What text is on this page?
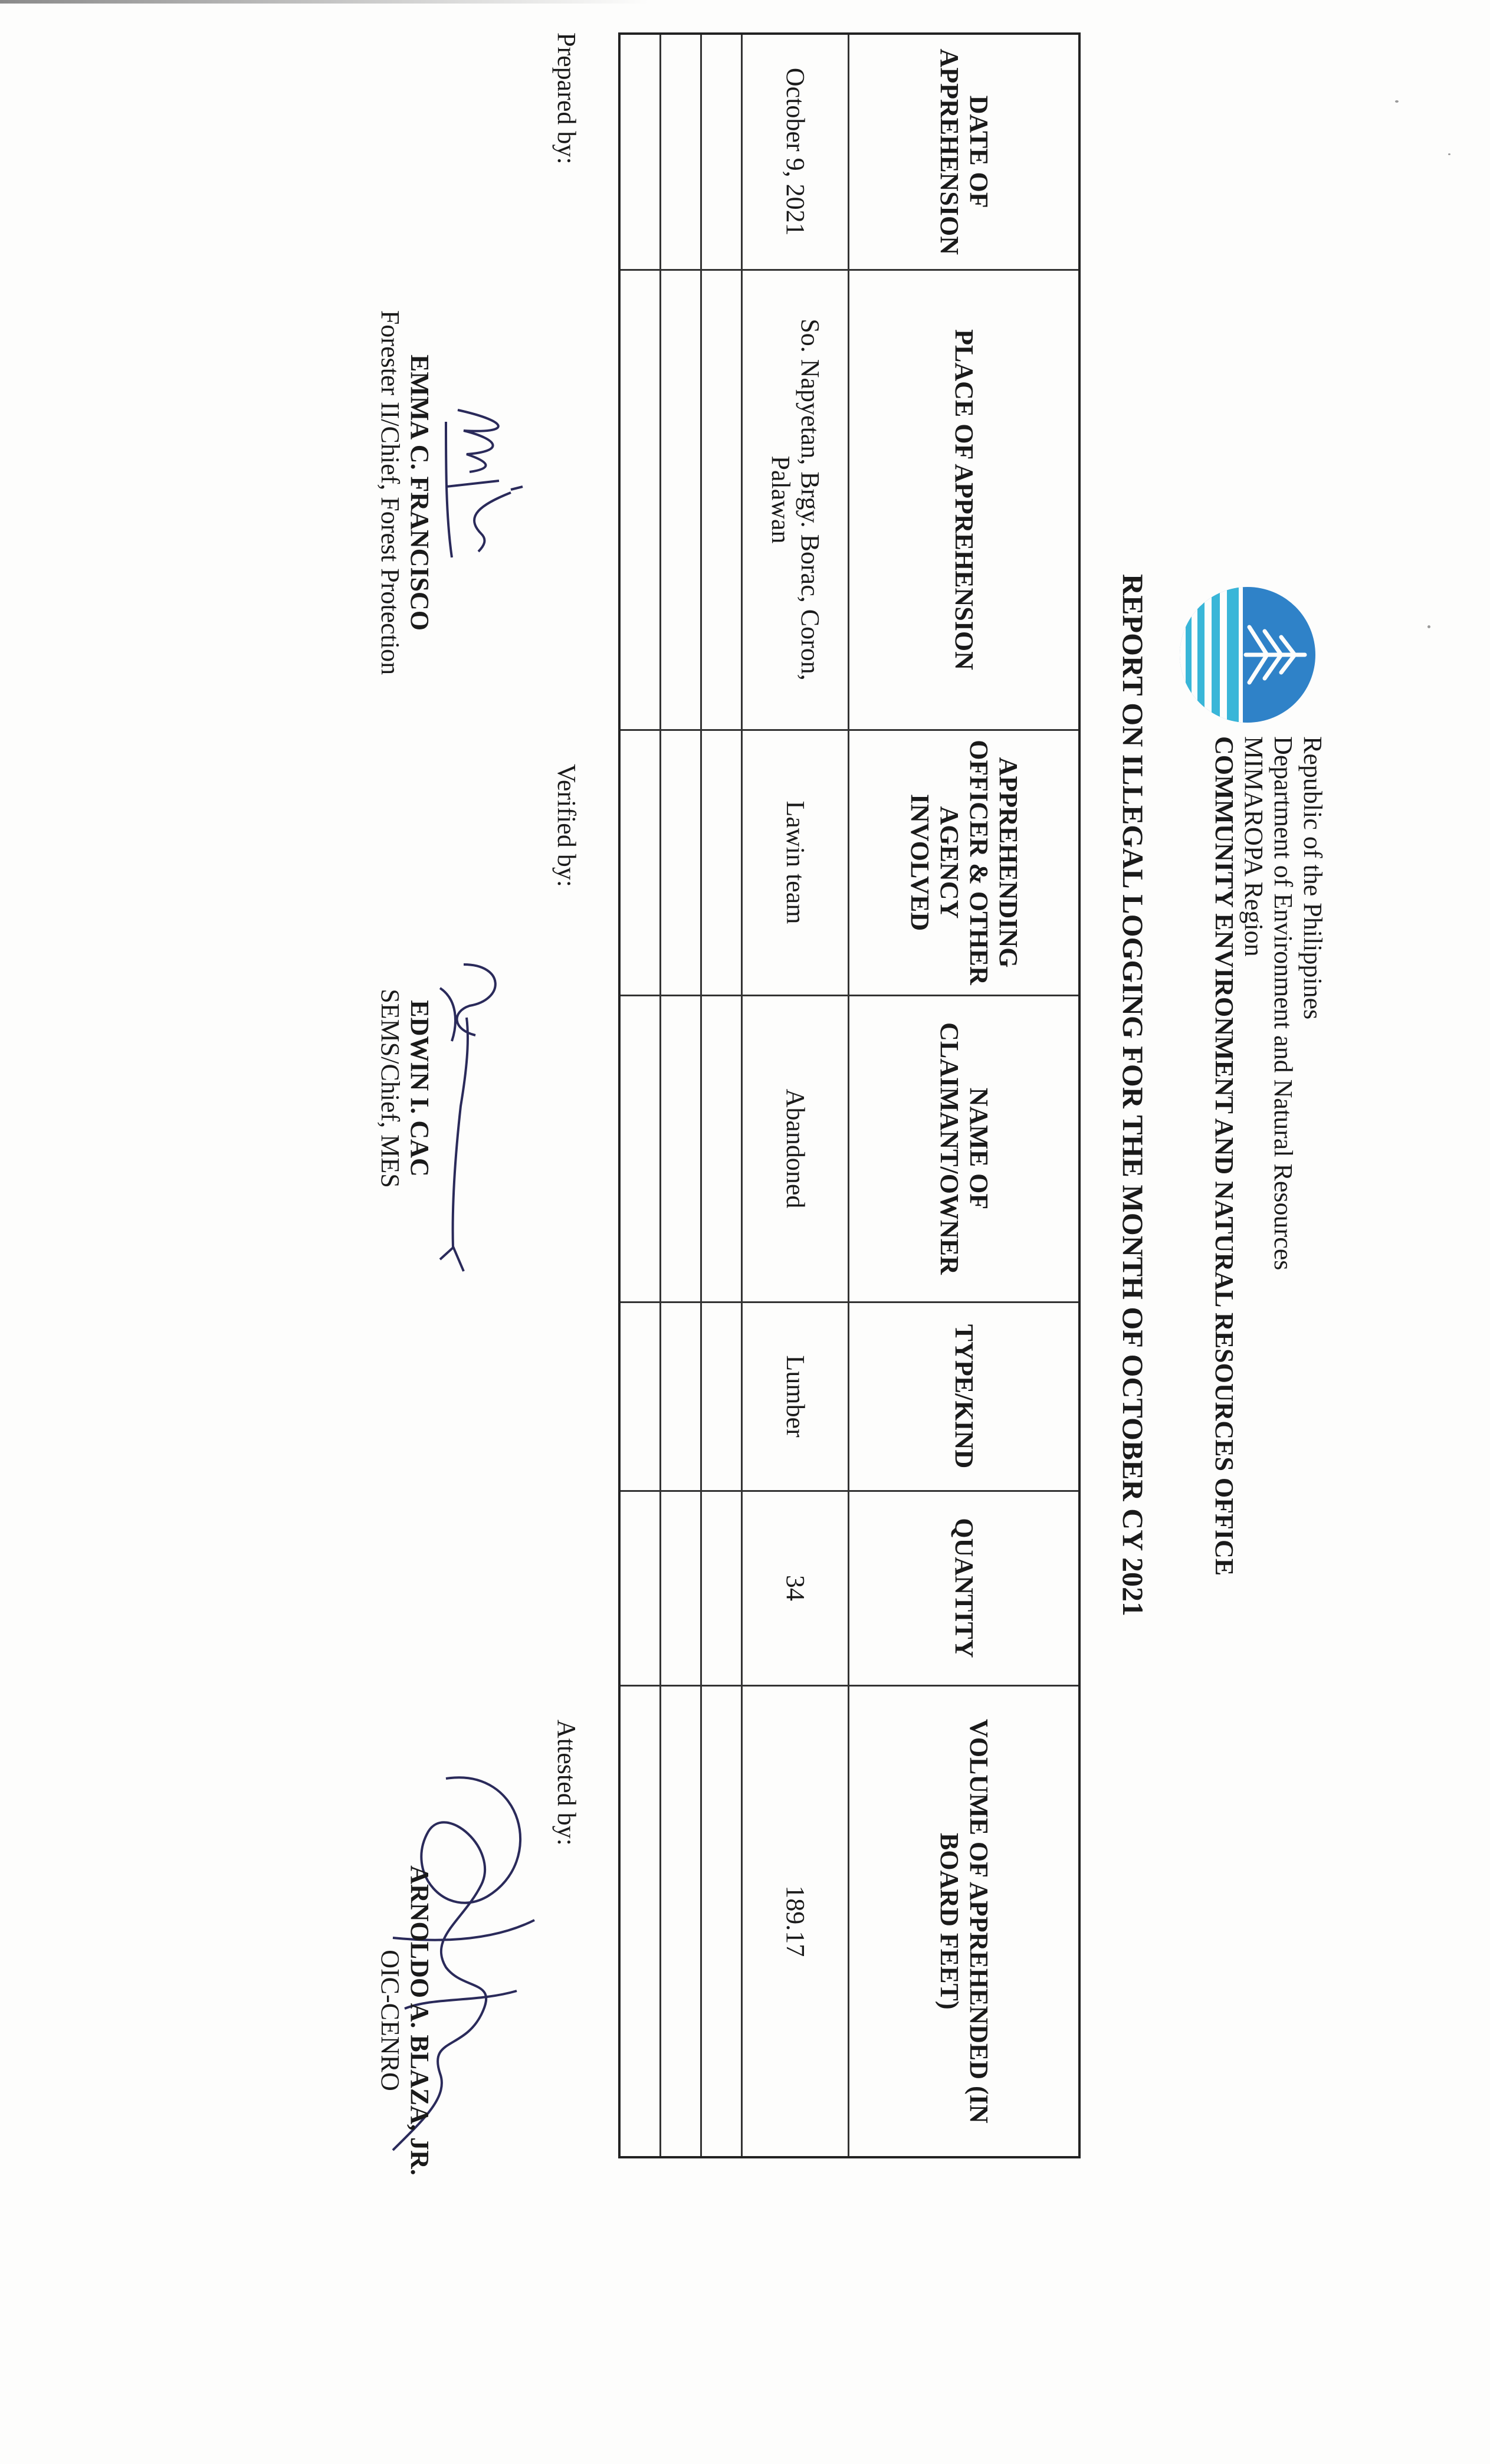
Republic of the Philippines
Department of Environment and Natural Resources
MIMAROPA Region
COMMUNITY ENVIRONMENT AND NATURAL RESOURCES OFFICE
REPORT ON ILLEGAL LOGGING FOR THE MONTH OF OCTOBER CY 2021
DATE OF APPREHENSION	PLACE OF APPREHENSION	APPREHENDING OFFICER & OTHER AGENCY INVOLVED	NAME OF CLAIMANT/OWNER	TYPE/KIND	QUANTITY	VOLUME OF APPREHENDED (IN BOARD FEET)
October 9, 2021	So. Napyetan, Brgy. Borac, Coron, Palawan	Lawin team	Abandoned	Lumber	34	189.17

Prepared by:
EMMA C. FRANCISCO
Forester II/Chief, Forest Protection
Verified by:
EDWIN I. CAC
SEMS/Chief, MES
Attested by:
ARNOLDO A. BLAZA, JR.
OIC-CENRO
